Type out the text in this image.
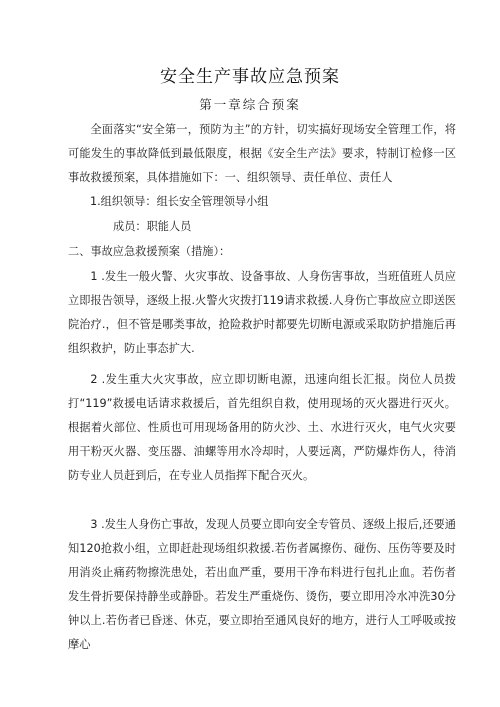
安全生产事故应急预案
第一章综合预案

全面落实“安全第一，预防为主”的方针，切实搞好现场安全管理工作，将可能发生的事故降低到最低限度，根据《安全生产法》要求，特制订检修一区事故救援预案，具体措施如下：一、组织领导、责任单位、责任人

1.组织领导：组长安全管理领导小组
成员：职能人员
二、事故应急救援预案（措施）：

1 .发生一般火警、火灾事故、设备事故、人身伤害事故，当班值班人员应立即报告领导，逐级上报.火警火灾拨打119请求救援.人身伤亡事故应立即送医院治疗.，但不管是哪类事故，抢险救护时都要先切断电源或采取防护措施后再组织救护，防止事态扩大.

2 .发生重大火灾事故，应立即切断电源，迅速向组长汇报。岗位人员拨打“119”救援电话请求救援后，首先组织自救，使用现场的灭火器进行灭火。根据着火部位、性质也可用现场备用的防火沙、土、水进行灭火，电气火灾要用干粉灭火器、变压器、油螺等用水冷却时，人要远离，严防爆炸伤人，待消防专业人员赶到后，在专业人员指挥下配合灭火。

3 .发生人身伤亡事故，发现人员要立即向安全专管员、逐级上报后,还要通知120抢救小组，立即赶赴现场组织救援.若伤者属擦伤、碰伤、压伤等要及时用消炎止痛药物擦洗患处，若出血严重，要用干净布料进行包扎止血。若伤者发生骨折要保持静坐或静卧。若发生严重烧伤、烫伤，要立即用冷水冲洗30分钟以上.若伤者已昏迷、休克，要立即抬至通风良好的地方，进行人工呼吸或按摩心
